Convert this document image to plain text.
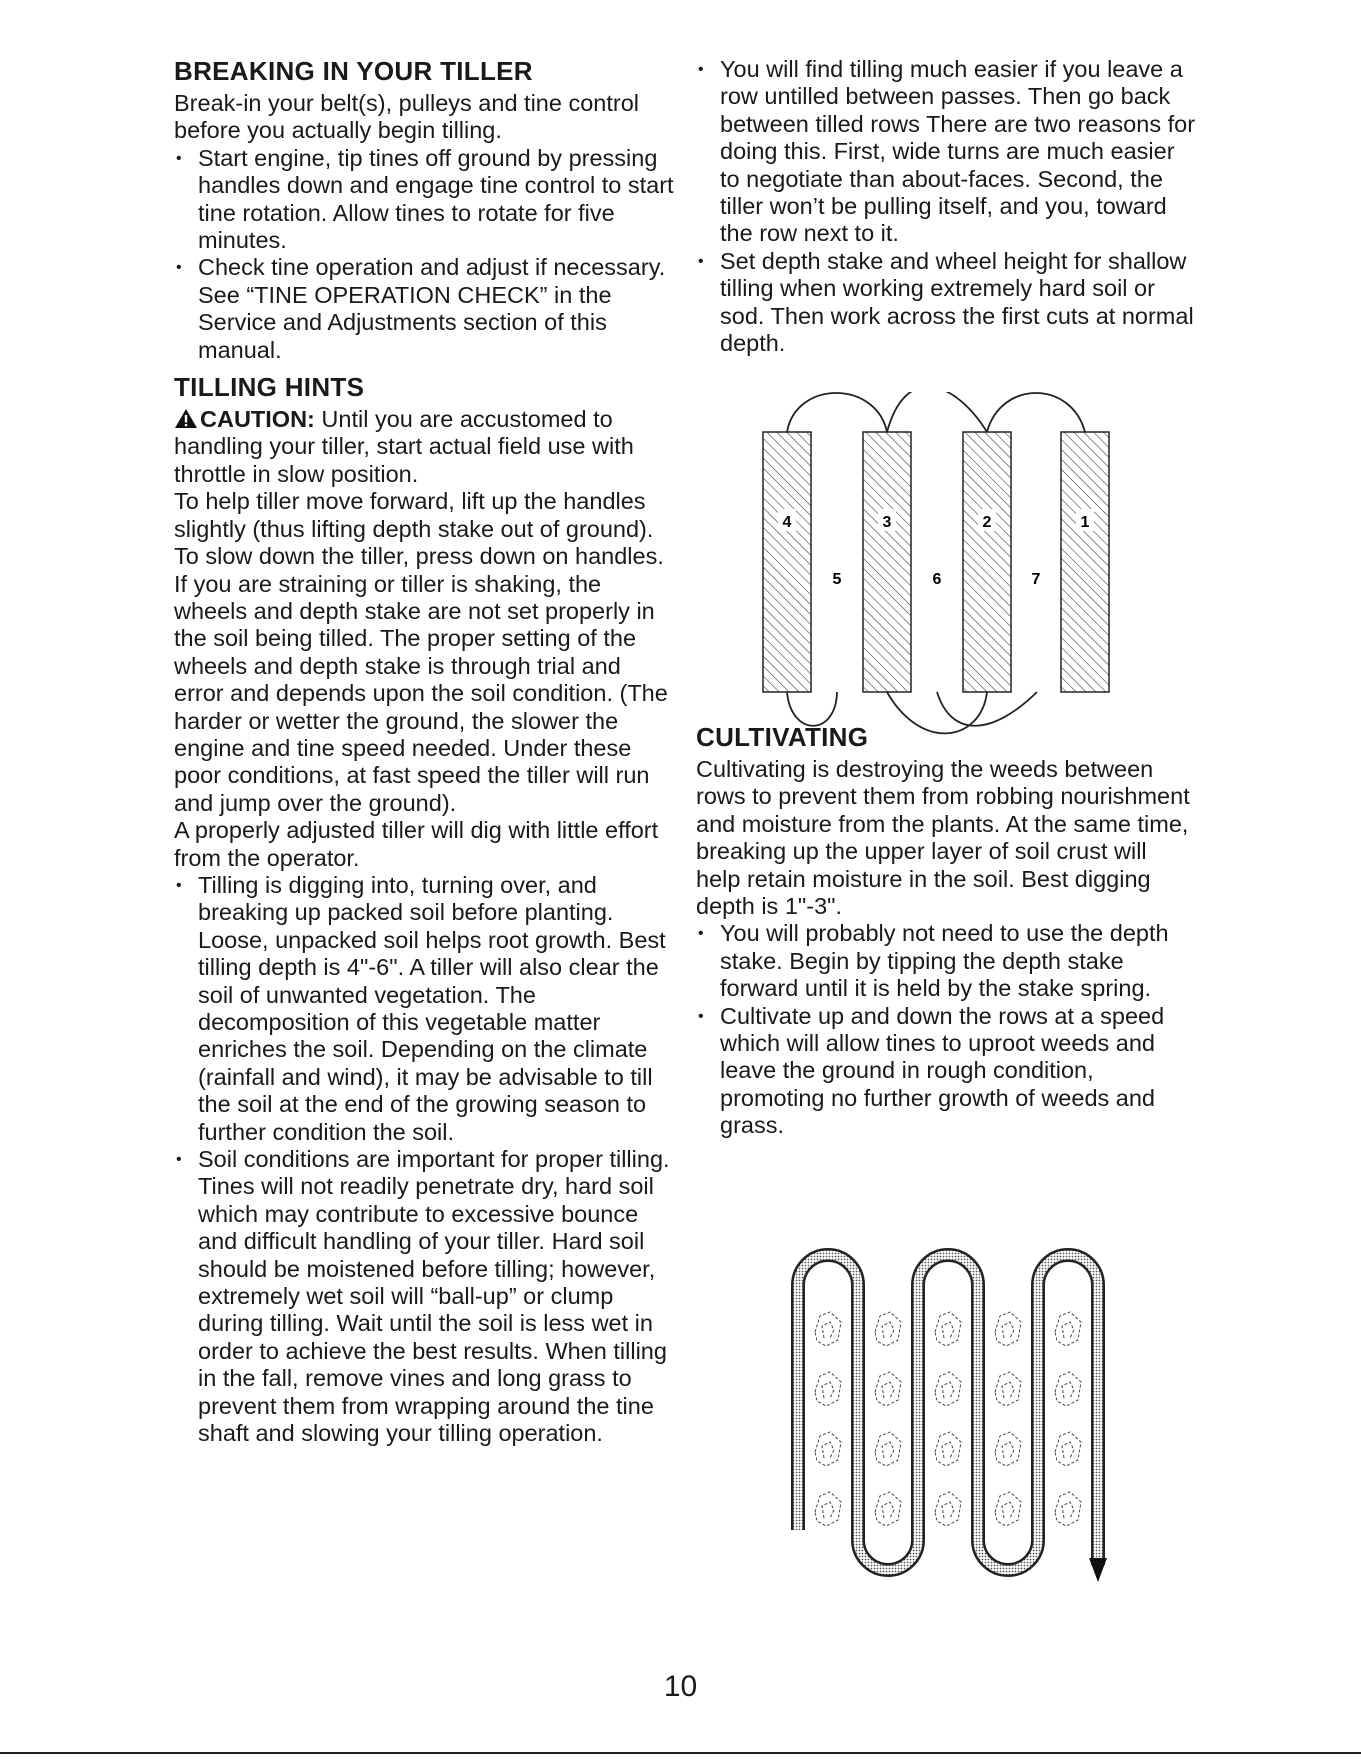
BREAKING IN YOUR TILLER

Break-in your belt(s), pulleys and tine control before you actually begin tilling.

• Start engine, tip tines off ground by pressing handles down and engage tine control to start tine rotation. Allow tines to rotate for five minutes.
• Check tine operation and adjust if necessary. See “TINE OPERATION CHECK” in the Service and Adjustments section of this manual.
TILLING HINTS

CAUTION: Until you are accustomed to handling your tiller, start actual field use with throttle in slow position.

To help tiller move forward, lift up the handles slightly (thus lifting depth stake out of ground). To slow down the tiller, press down on handles.

If you are straining or tiller is shaking, the wheels and depth stake are not set properly in the soil being tilled. The proper setting of the wheels and depth stake is through trial and error and depends upon the soil condition. (The harder or wetter the ground, the slower the engine and tine speed needed. Under these poor conditions, at fast speed the tiller will run and jump over the ground).

A properly adjusted tiller will dig with little effort from the operator.

• Tilling is digging into, turning over, and breaking up packed soil before planting. Loose, unpacked soil helps root growth. Best tilling depth is 4"-6". A tiller will also clear the soil of unwanted vegetation. The decomposition of this vegetable matter enriches the soil. Depending on the climate (rainfall and wind), it may be advisable to till the soil at the end of the growing season to further condition the soil.
• Soil conditions are important for proper tilling. Tines will not readily penetrate dry, hard soil which may contribute to excessive bounce and difficult handling of your tiller. Hard soil should be moistened before tilling; however, extremely wet soil will “ball-up” or clump during tilling. Wait until the soil is less wet in order to achieve the best results. When tilling in the fall, remove vines and long grass to prevent them from wrapping around the tine shaft and slowing your tilling operation.
• You will find tilling much easier if you leave a row untilled between passes. Then go back between tilled rows There are two reasons for doing this. First, wide turns are much easier to negotiate than about-faces. Second, the tiller won’t be pulling itself, and you, toward the row next to it.
• Set depth stake and wheel height for shallow tilling when working extremely hard soil or sod. Then work across the first cuts at normal depth.
4	3	2	1
5	6	7
CULTIVATING

Cultivating is destroying the weeds between rows to prevent them from robbing nourishment and moisture from the plants. At the same time, breaking up the upper layer of soil crust will help retain moisture in the soil. Best digging depth is 1"-3".

• You will probably not need to use the depth stake. Begin by tipping the depth stake forward until it is held by the stake spring.
• Cultivate up and down the rows at a speed which will allow tines to uproot weeds and leave the ground in rough condition, promoting no further growth of weeds and grass.
10
